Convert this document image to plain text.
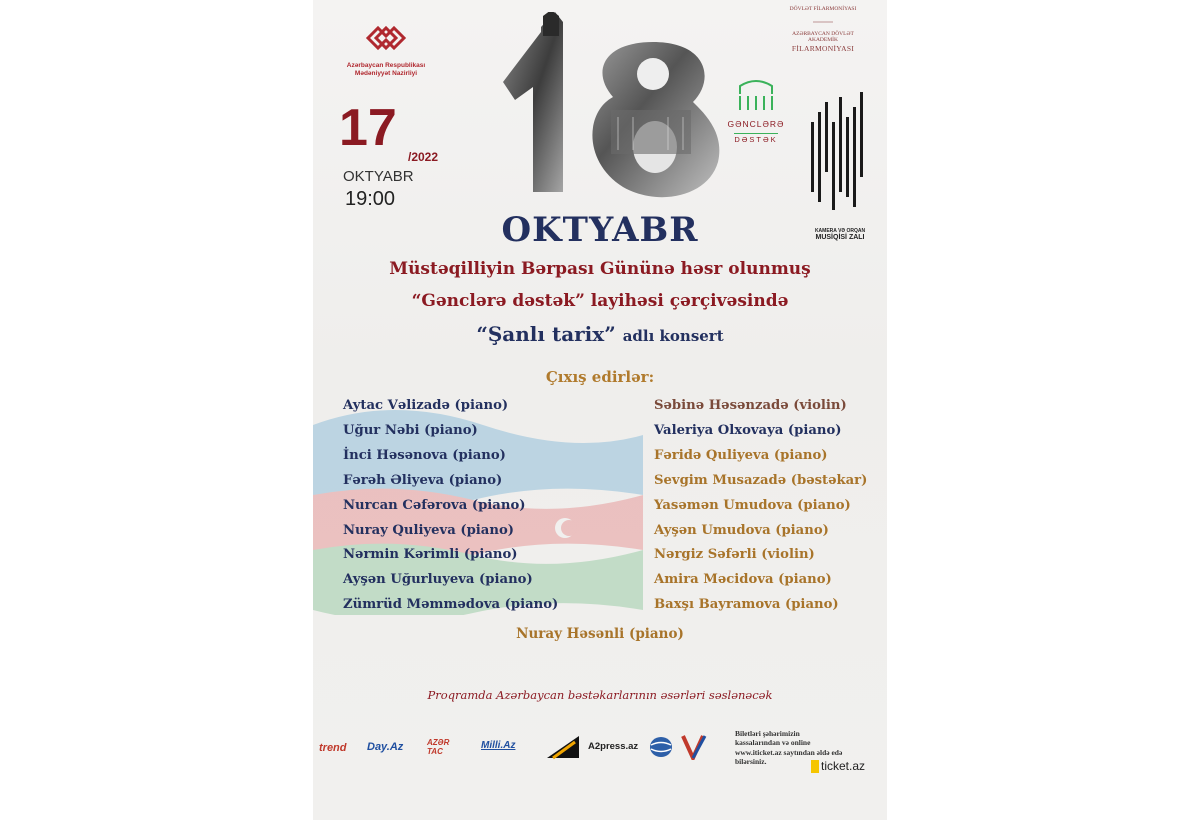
Azərbaycan Respublikası
Mədəniyyət Nazirliyi
DÖVLƏT FİLARMONİYASI
AZƏRBAYCAN DÖVLƏT
AKADEMİK
FİLARMONİYASI
17 /2022
OKTYABR
19:00
GƏNCLƏRƏ
DƏSTƏK
KAMERA VƏ ORQAN
MUSİQİSİ ZALI
OKTYABR
Müstəqilliyin Bərpası Gününə həsr olunmuş
“Gənclərə dəstək” layihəsi çərçivəsində
“Şanlı tarix” adlı konsert
Çıxış edirlər:
Aytac Vəlizadə (piano)
Uğur Nəbi (piano)
İnci Həsənova (piano)
Fərəh Əliyeva (piano)
Nurcan Cəfərova (piano)
Nuray Quliyeva (piano)
Nərmin Kərimli (piano)
Ayşən Uğurluyeva (piano)
Zümrüd Məmmədova (piano)
Səbinə Həsənzadə (violin)
Valeriya Olxovaya (piano)
Fəridə Quliyeva (piano)
Sevgim Musazadə (bəstəkar)
Yasəmən Umudova (piano)
Ayşən Umudova (piano)
Nərgiz Səfərli (violin)
Amira Məcidova (piano)
Baxşı Bayramova (piano)
Nuray Həsənli (piano)
Proqramda Azərbaycan bəstəkarlarının əsərləri səslənəcək
trend Day.Az	AZƏR TAC
Milli.Az	A2press.az
Biletləri şəhərimizin kassalarından və online www.iticket.az saytından əldə edə bilərsiniz.	ticket.az
